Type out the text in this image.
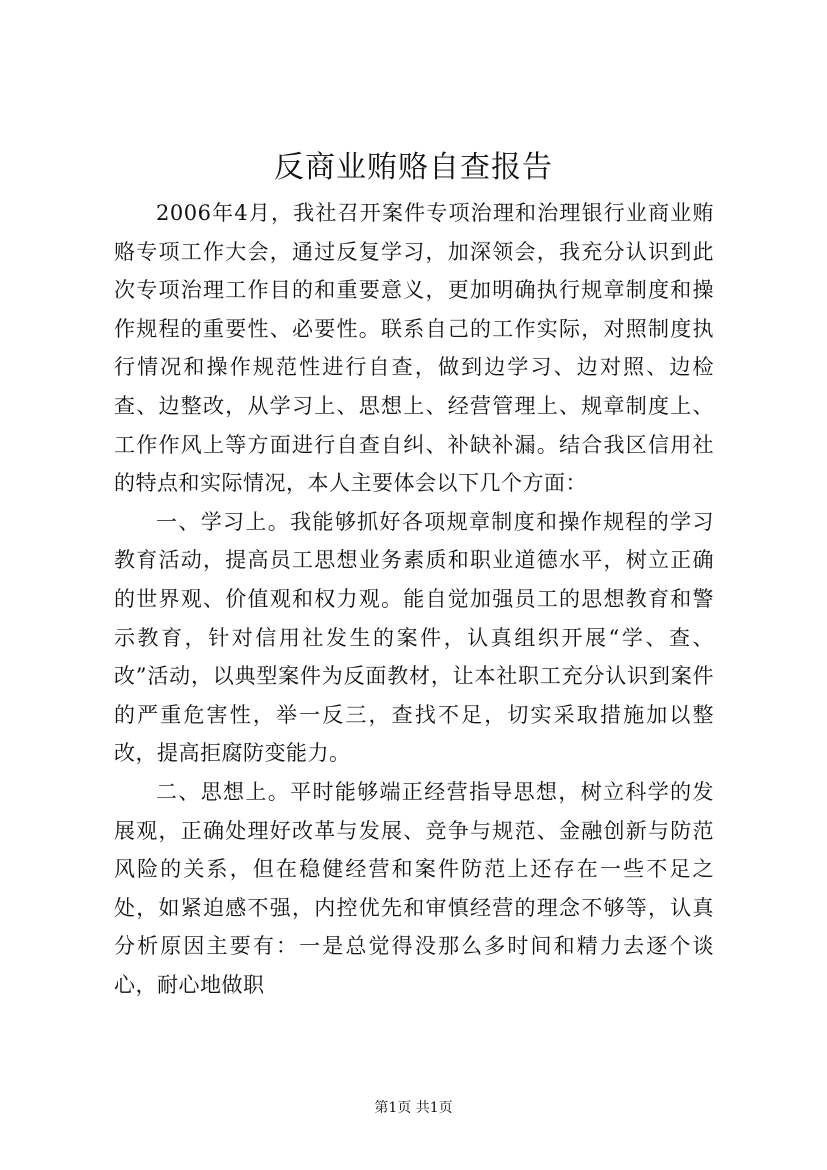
反商业贿赂自查报告

2006年4月，我社召开案件专项治理和治理银行业商业贿赂专项工作大会，通过反复学习，加深领会，我充分认识到此次专项治理工作目的和重要意义，更加明确执行规章制度和操作规程的重要性、必要性。联系自己的工作实际，对照制度执行情况和操作规范性进行自查，做到边学习、边对照、边检查、边整改，从学习上、思想上、经营管理上、规章制度上、工作作风上等方面进行自查自纠、补缺补漏。结合我区信用社的特点和实际情况，本人主要体会以下几个方面：

一、学习上。我能够抓好各项规章制度和操作规程的学习教育活动，提高员工思想业务素质和职业道德水平，树立正确的世界观、价值观和权力观。能自觉加强员工的思想教育和警示教育，针对信用社发生的案件，认真组织开展“学、查、改”活动，以典型案件为反面教材，让本社职工充分认识到案件的严重危害性，举一反三，查找不足，切实采取措施加以整改，提高拒腐防变能力。

二、思想上。平时能够端正经营指导思想，树立科学的发展观，正确处理好改革与发展、竞争与规范、金融创新与防范风险的关系，但在稳健经营和案件防范上还存在一些不足之处，如紧迫感不强，内控优先和审慎经营的理念不够等，认真分析原因主要有：一是总觉得没那么多时间和精力去逐个谈心，耐心地做职

第1页 共1页
